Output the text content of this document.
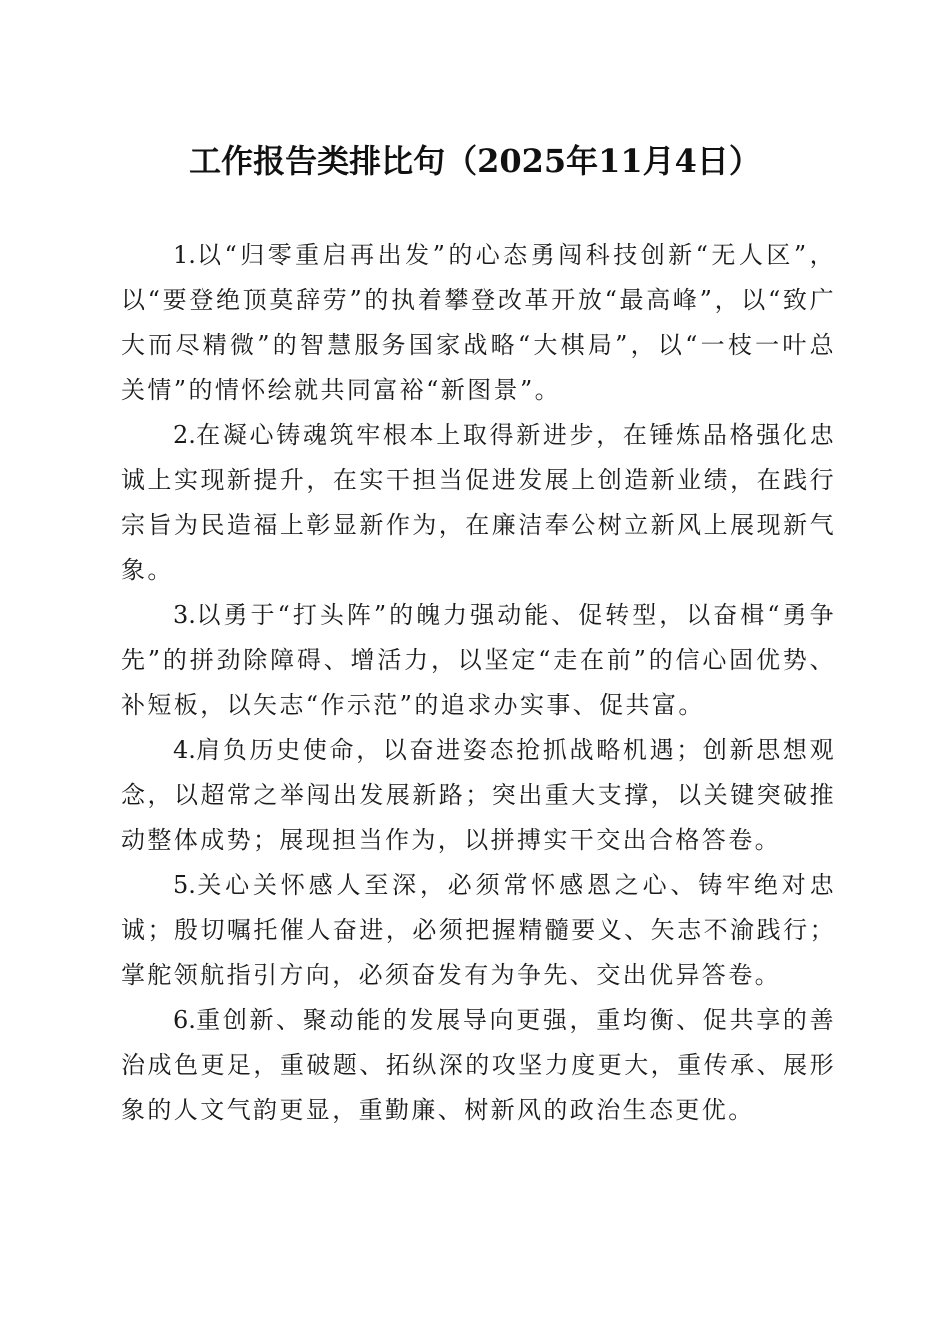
工作报告类排比句（2025年11月4日）

1.以“归零重启再出发”的心态勇闯科技创新“无人区”，以“要登绝顶莫辞劳”的执着攀登改革开放“最高峰”，以“致广大而尽精微”的智慧服务国家战略“大棋局”，以“一枝一叶总关情”的情怀绘就共同富裕“新图景”。

2.在凝心铸魂筑牢根本上取得新进步，在锤炼品格强化忠诚上实现新提升，在实干担当促进发展上创造新业绩，在践行宗旨为民造福上彰显新作为，在廉洁奉公树立新风上展现新气象。

3.以勇于“打头阵”的魄力强动能、促转型，以奋楫“勇争先”的拼劲除障碍、增活力，以坚定“走在前”的信心固优势、补短板，以矢志“作示范”的追求办实事、促共富。

4.肩负历史使命，以奋进姿态抢抓战略机遇；创新思想观念，以超常之举闯出发展新路；突出重大支撑，以关键突破推动整体成势；展现担当作为，以拼搏实干交出合格答卷。

5.关心关怀感人至深，必须常怀感恩之心、铸牢绝对忠诚；殷切嘱托催人奋进，必须把握精髓要义、矢志不渝践行；掌舵领航指引方向，必须奋发有为争先、交出优异答卷。

6.重创新、聚动能的发展导向更强，重均衡、促共享的善治成色更足，重破题、拓纵深的攻坚力度更大，重传承、展形象的人文气韵更显，重勤廉、树新风的政治生态更优。
